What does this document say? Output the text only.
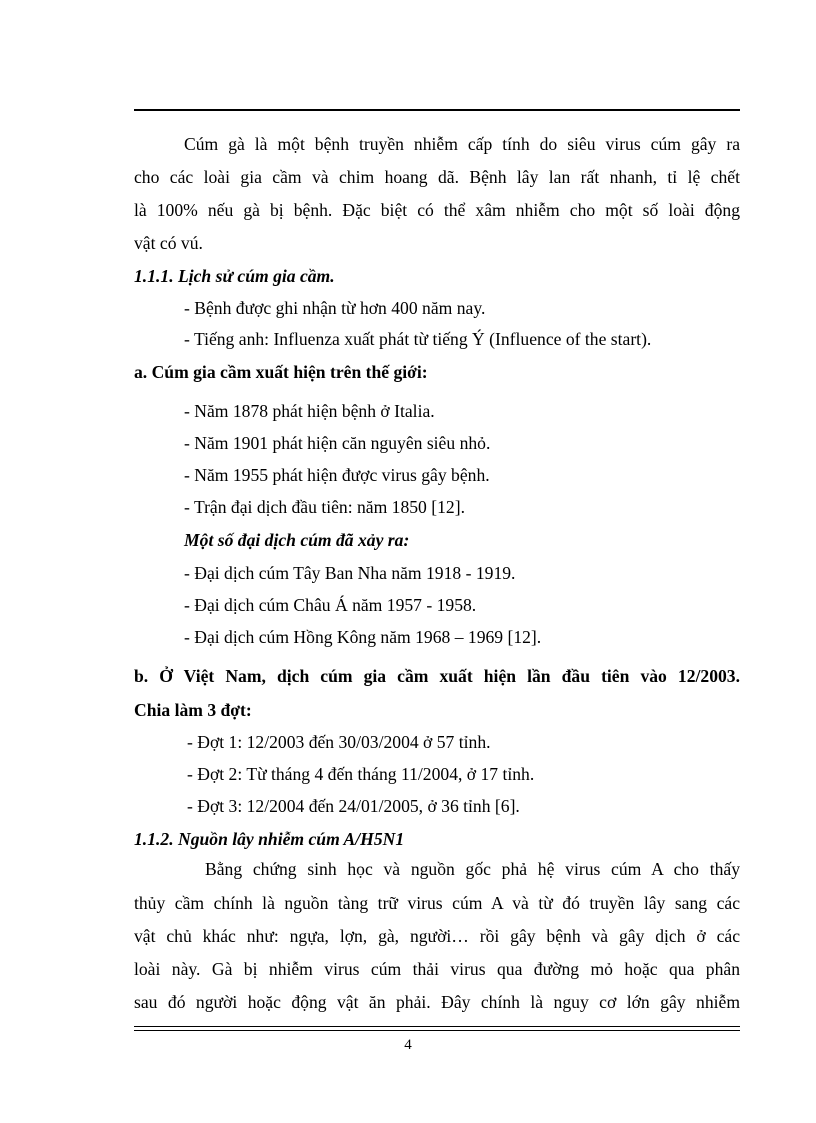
Cúm gà là một bệnh truyền nhiễm cấp tính do siêu virus cúm gây ra
cho các loài gia cầm và chim hoang dã. Bệnh lây lan rất nhanh, tỉ lệ chết
là 100% nếu gà bị bệnh. Đặc biệt có thể xâm nhiễm cho một số loài động
vật có vú.
1.1.1. Lịch sử cúm gia cầm.
- Bệnh được ghi nhận từ hơn 400 năm nay.
- Tiếng anh: Influenza xuất phát từ tiếng Ý (Influence of the start).
a. Cúm gia cầm xuất hiện trên thế giới:
- Năm 1878 phát hiện bệnh ở Italia.
- Năm 1901 phát hiện căn nguyên siêu nhỏ.
- Năm 1955 phát hiện được virus gây bệnh.
- Trận đại dịch đầu tiên: năm 1850 [12].
Một số đại dịch cúm đã xảy ra:
- Đại dịch cúm Tây Ban Nha năm 1918 - 1919.
- Đại dịch cúm Châu Á năm 1957 - 1958.
- Đại dịch cúm Hồng Kông năm 1968 – 1969 [12].
b. Ở Việt Nam, dịch cúm gia cầm xuất hiện lần đầu tiên vào 12/2003.
Chia làm 3 đợt:
- Đợt 1: 12/2003 đến 30/03/2004 ở 57 tỉnh.
- Đợt 2: Từ tháng 4 đến tháng 11/2004, ở 17 tỉnh.
- Đợt 3: 12/2004 đến 24/01/2005, ở 36 tỉnh [6].
1.1.2. Nguồn lây nhiễm cúm A/H5N1
Bằng chứng sinh học và nguồn gốc phả hệ virus cúm A cho thấy
thủy cầm chính là nguồn tàng trữ virus cúm A và từ đó truyền lây sang các
vật chủ khác như: ngựa, lợn, gà, người… rồi gây bệnh và gây dịch ở các
loài này. Gà bị nhiễm virus cúm thải virus qua đường mỏ hoặc qua phân
sau đó người hoặc động vật ăn phải. Đây chính là nguy cơ lớn gây nhiễm
4
